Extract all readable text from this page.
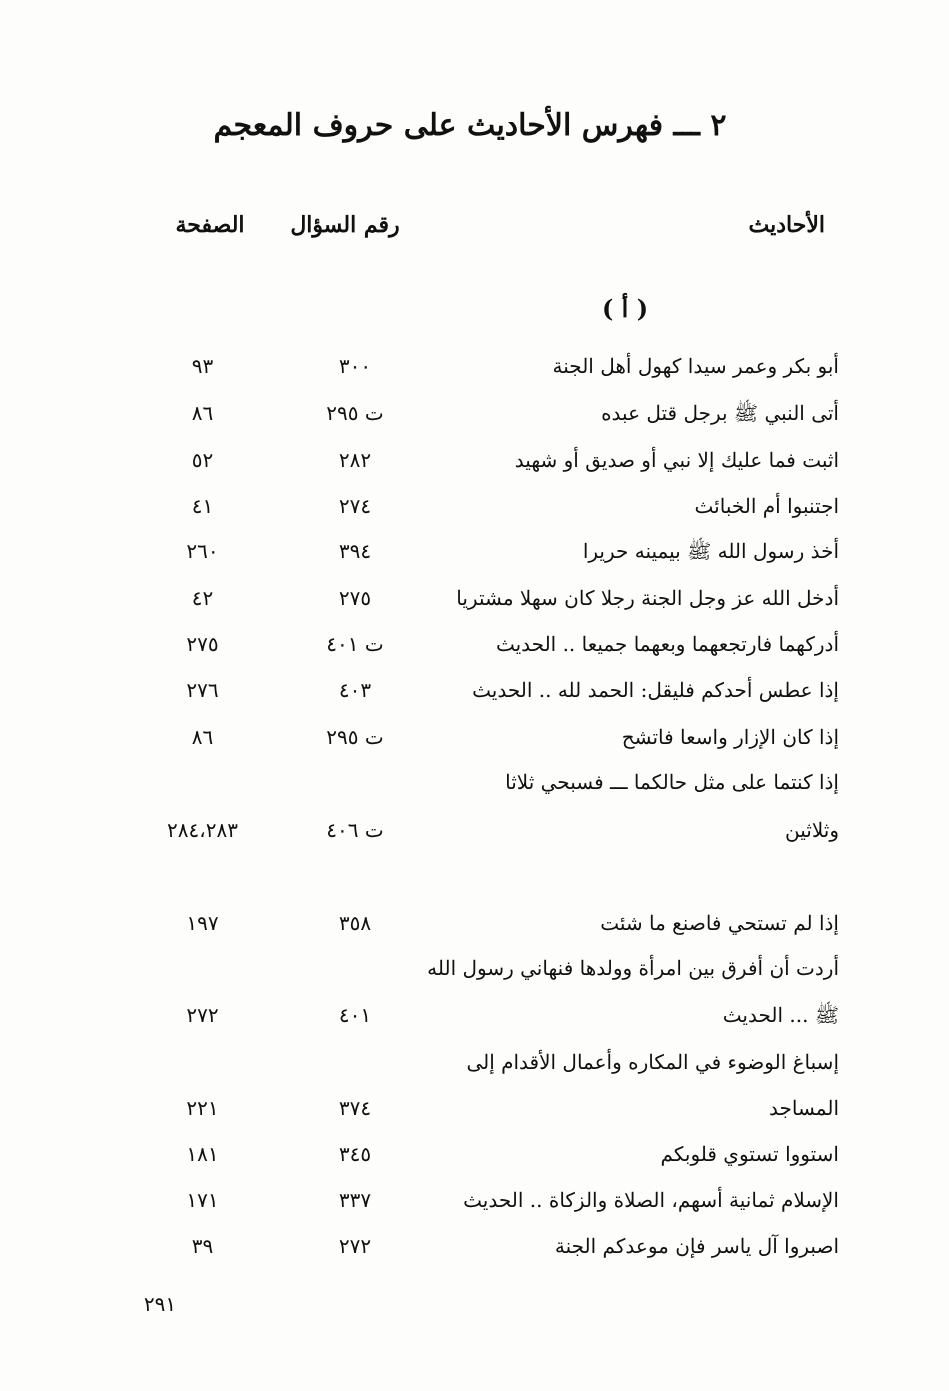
٢ ـــ فهرس الأحاديث على حروف المعجم
الأحاديث
رقم السؤال
الصفحة
( أ )
أبو بكر وعمر سيدا كهول أهل الجنة
٣٠٠
٩٣
أتى النبي ﷺ برجل قتل عبده
ت ٢٩٥
٨٦
اثبت فما عليك إلا نبي أو صديق أو شهيد
٢٨٢
٥٢
اجتنبوا أم الخبائث
٢٧٤
٤١
أخذ رسول الله ﷺ بيمينه حريرا
٣٩٤
٢٦٠
أدخل الله عز وجل الجنة رجلا كان سهلا مشتريا
٢٧٥
٤٢
أدركهما فارتجعهما وبعهما جميعا .. الحديث
ت ٤٠١
٢٧٥
إذا عطس أحدكم فليقل: الحمد لله .. الحديث
٤٠٣
٢٧٦
إذا كان الإزار واسعا فاتشح
ت ٢٩٥
٨٦
إذا كنتما على مثل حالكما ـــ فسبحي ثلاثا
وثلاثين
ت ٤٠٦
٢٨٤،٢٨٣
إذا لم تستحي فاصنع ما شئت
٣٥٨
١٩٧
أردت أن أفرق بين امرأة وولدها فنهاني رسول الله
ﷺ ... الحديث
٤٠١
٢٧٢
إسباغ الوضوء في المكاره وأعمال الأقدام إلى
المساجد
٣٧٤
٢٢١
استووا تستوي قلوبكم
٣٤٥
١٨١
الإسلام ثمانية أسهم، الصلاة والزكاة .. الحديث
٣٣٧
١٧١
اصبروا آل ياسر فإن موعدكم الجنة
٢٧٢
٣٩
٢٩١
